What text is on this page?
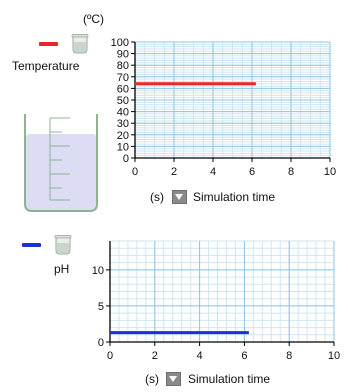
(ºC)
Temperature
0
10
20
30
40
50
60
70
80
90
100
0	2	4	6	8	10
(s) Simulation time
pH
0
5
10
0	2	4	6	8	10
(s) Simulation time
